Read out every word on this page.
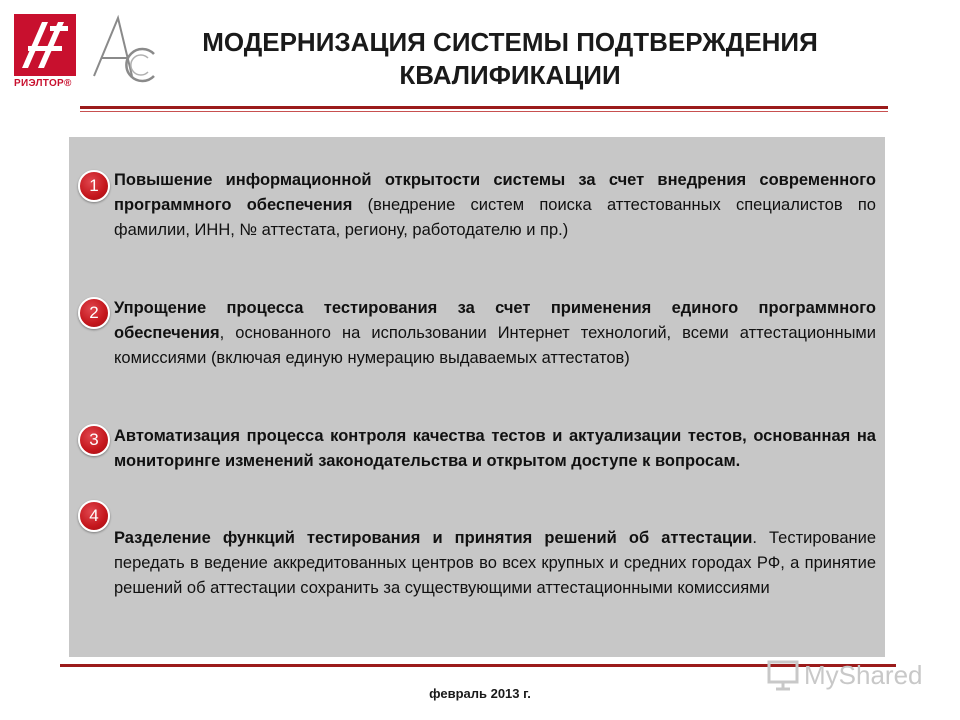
РИЭЛТОР®
МОДЕРНИЗАЦИЯ СИСТЕМЫ ПОДТВЕРЖДЕНИЯ
КВАЛИФИКАЦИИ
1 Повышение информационной открытости системы за счет внедрения современного программного обеспечения (внедрение систем поиска аттестованных специалистов по фамилии, ИНН, № аттестата, региону, работодателю и пр.)
2 Упрощение процесса тестирования за счет применения единого программного обеспечения, основанного на использовании Интернет технологий, всеми аттестационными комиссиями (включая единую нумерацию выдаваемых аттестатов)
3 Автоматизация процесса контроля качества тестов и актуализации тестов, основанная на мониторинге изменений законодательства и открытом доступе к вопросам.
4
Разделение функций тестирования и принятия решений об аттестации. Тестирование передать в ведение аккредитованных центров во всех крупных и средних городах РФ, а принятие решений об аттестации сохранить за существующими аттестационными комиссиями
февраль 2013 г.
MyShared
